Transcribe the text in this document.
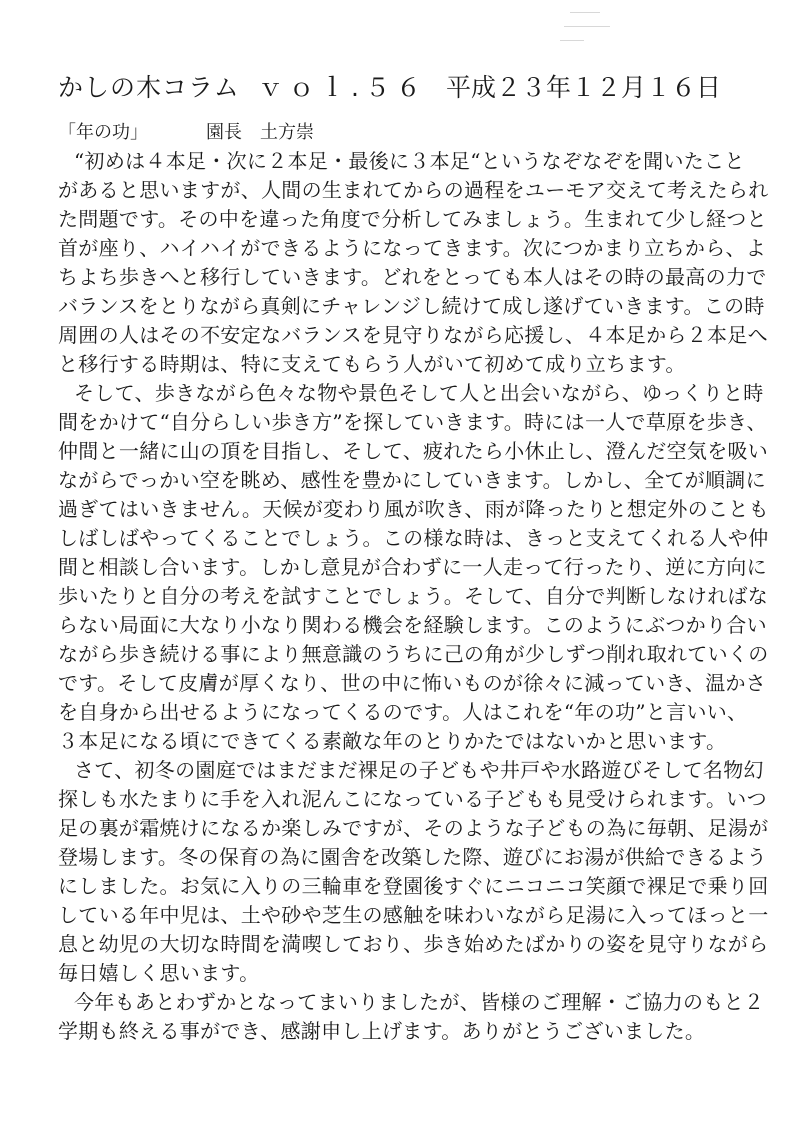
かしの木コラム ｖｏｌ.５６ 平成２３年１２月１６日
「年の功」	園長　土方崇
“初めは４本足・次に２本足・最後に３本足“というなぞなぞを聞いたこと
があると思いますが、人間の生まれてからの過程をユーモア交えて考えたられ
た問題です。その中を違った角度で分析してみましょう。生まれて少し経つと
首が座り、ハイハイができるようになってきます。次につかまり立ちから、よ
ちよち歩きへと移行していきます。どれをとっても本人はその時の最高の力で
バランスをとりながら真剣にチャレンジし続けて成し遂げていきます。この時
周囲の人はその不安定なバランスを見守りながら応援し、４本足から２本足へ
と移行する時期は、特に支えてもらう人がいて初めて成り立ちます。
そして、歩きながら色々な物や景色そして人と出会いながら、ゆっくりと時
間をかけて“自分らしい歩き方”を探していきます。時には一人で草原を歩き、
仲間と一緒に山の頂を目指し、そして、疲れたら小休止し、澄んだ空気を吸い
ながらでっかい空を眺め、感性を豊かにしていきます。しかし、全てが順調に
過ぎてはいきません。天候が変わり風が吹き、雨が降ったりと想定外のことも
しばしばやってくることでしょう。この様な時は、きっと支えてくれる人や仲
間と相談し合います。しかし意見が合わずに一人走って行ったり、逆に方向に
歩いたりと自分の考えを試すことでしょう。そして、自分で判断しなければな
らない局面に大なり小なり関わる機会を経験します。このようにぶつかり合い
ながら歩き続ける事により無意識のうちに己の角が少しずつ削れ取れていくの
です。そして皮膚が厚くなり、世の中に怖いものが徐々に減っていき、温かさ
を自身から出せるようになってくるのです。人はこれを“年の功”と言いい、
３本足になる頃にできてくる素敵な年のとりかたではないかと思います。
さて、初冬の園庭ではまだまだ裸足の子どもや井戸や水路遊びそして名物幻
探しも水たまりに手を入れ泥んこになっている子どもも見受けられます。いつ
足の裏が霜焼けになるか楽しみですが、そのような子どもの為に毎朝、足湯が
登場します。冬の保育の為に園舎を改築した際、遊びにお湯が供給できるよう
にしました。お気に入りの三輪車を登園後すぐにニコニコ笑顔で裸足で乗り回
している年中児は、土や砂や芝生の感触を味わいながら足湯に入ってほっと一
息と幼児の大切な時間を満喫しており、歩き始めたばかりの姿を見守りながら
毎日嬉しく思います。
今年もあとわずかとなってまいりましたが、皆様のご理解・ご協力のもと２
学期も終える事ができ、感謝申し上げます。ありがとうございました。
